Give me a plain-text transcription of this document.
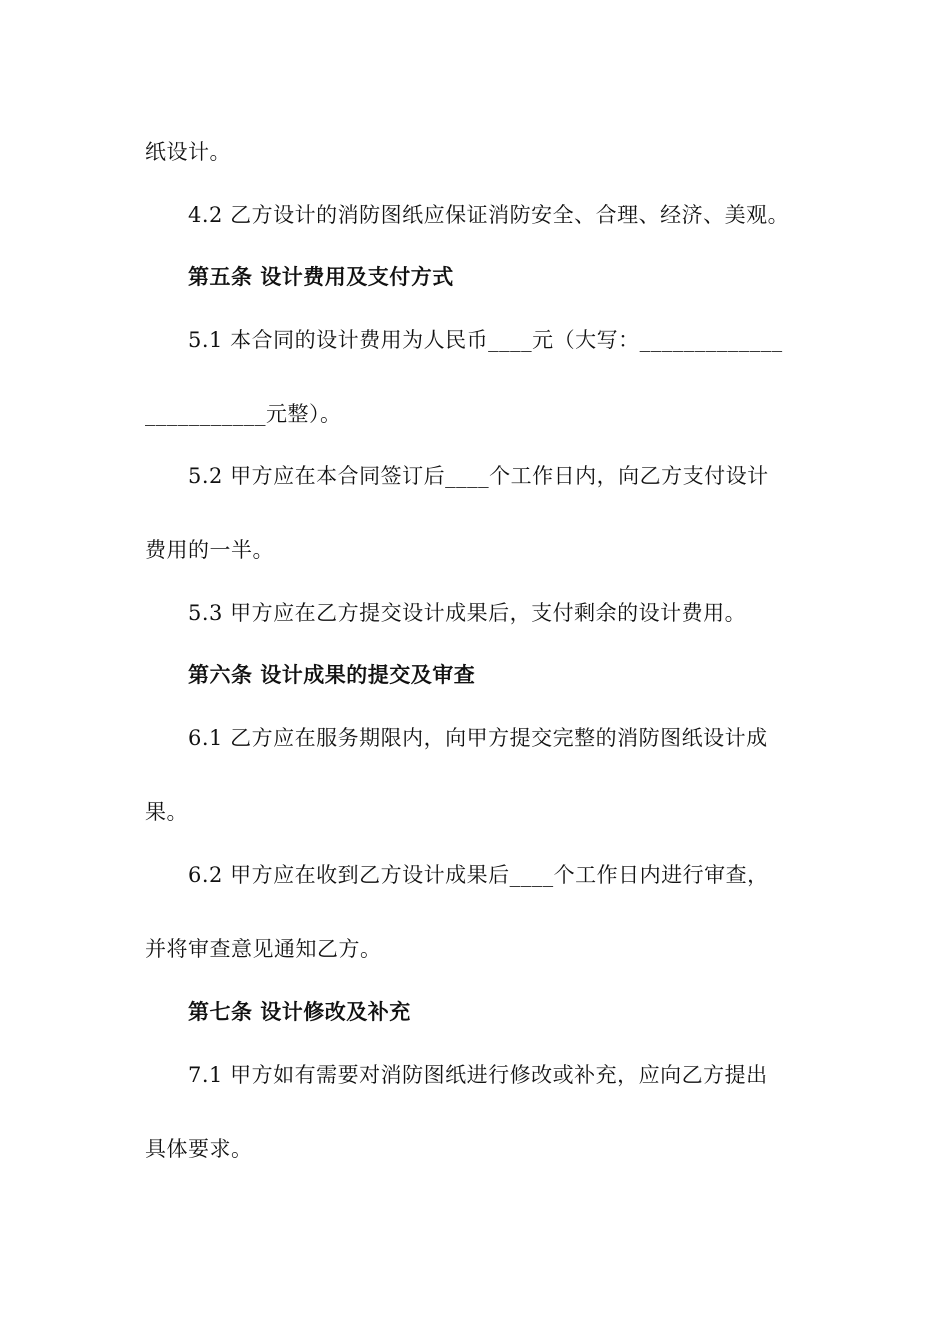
纸设计。
4.2 乙方设计的消防图纸应保证消防安全、合理、经济、美观。
第五条 设计费用及支付方式
5.1 本合同的设计费用为人民币____元（大写：_____________
___________元整）。
5.2 甲方应在本合同签订后____个工作日内，向乙方支付设计
费用的一半。
5.3 甲方应在乙方提交设计成果后，支付剩余的设计费用。
第六条 设计成果的提交及审查
6.1 乙方应在服务期限内，向甲方提交完整的消防图纸设计成
果。
6.2 甲方应在收到乙方设计成果后____个工作日内进行审查，
并将审查意见通知乙方。
第七条 设计修改及补充
7.1 甲方如有需要对消防图纸进行修改或补充，应向乙方提出
具体要求。
